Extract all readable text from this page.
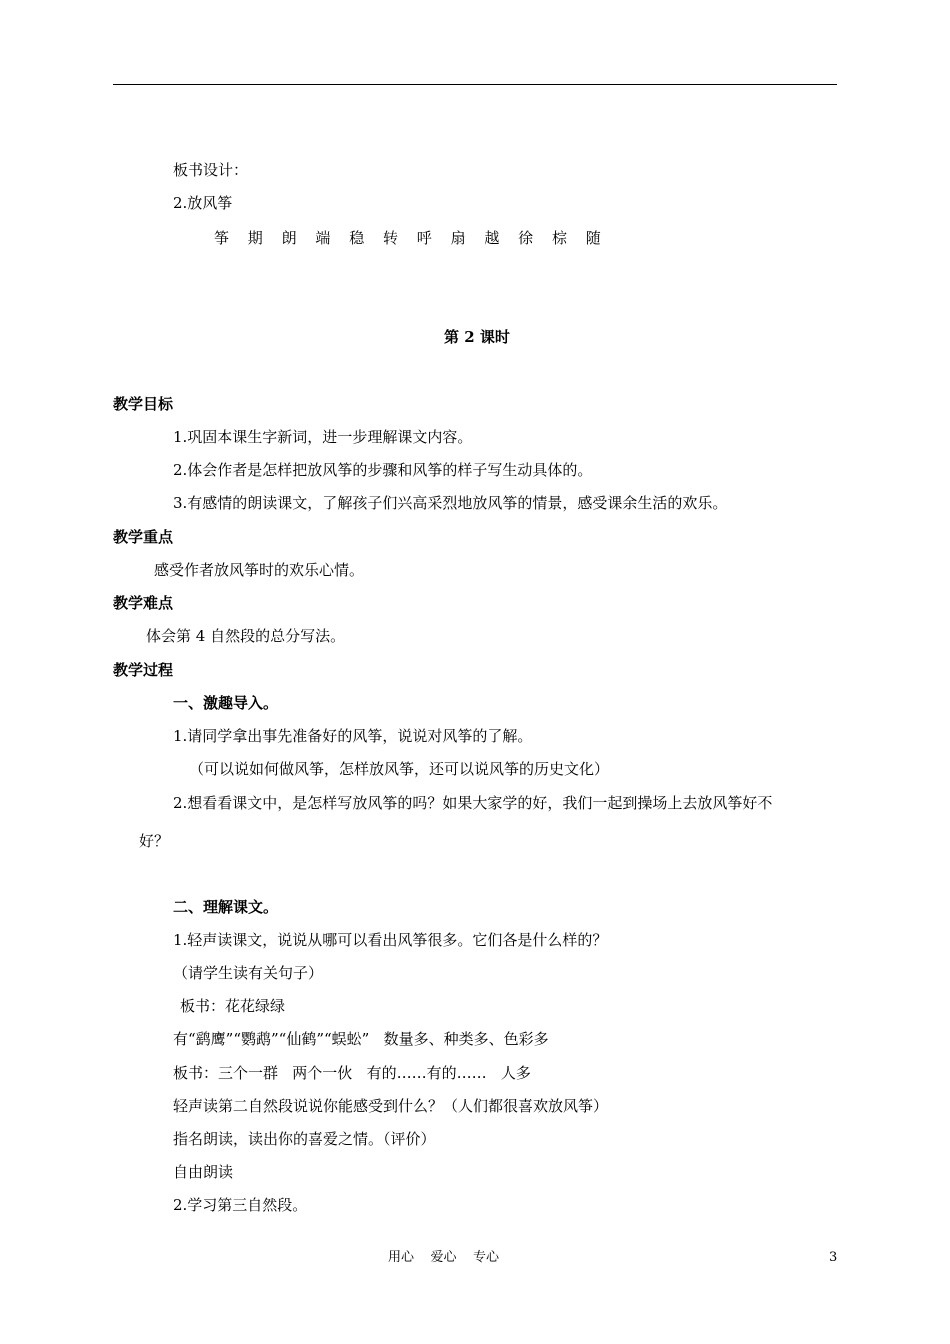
板书设计：
2.放风筝
筝	期	朗	端	稳	转	呼	扇	越	徐	棕	随
第 2 课时
教学目标
1.巩固本课生字新词，进一步理解课文内容。
2.体会作者是怎样把放风筝的步骤和风筝的样子写生动具体的。
3.有感情的朗读课文，了解孩子们兴高采烈地放风筝的情景，感受课余生活的欢乐。
教学重点
感受作者放风筝时的欢乐心情。
教学难点
体会第 4 自然段的总分写法。
教学过程
一、激趣导入。
1.请同学拿出事先准备好的风筝，说说对风筝的了解。
（可以说如何做风筝，怎样放风筝，还可以说风筝的历史文化）
2.想看看课文中，是怎样写放风筝的吗？如果大家学的好，我们一起到操场上去放风筝好不
好？
二、理解课文。
1.轻声读课文，说说从哪可以看出风筝很多。它们各是什么样的？
（请学生读有关句子）
板书：花花绿绿
有“鹞鹰”“鹦鹉”“仙鹤”“蜈蚣”   数量多、种类多、色彩多
板书：三个一群   两个一伙   有的……有的……   人多
轻声读第二自然段说说你能感受到什么？（人们都很喜欢放风筝）
指名朗读，读出你的喜爱之情。（评价）
自由朗读
2.学习第三自然段。
用心    爱心    专心	3
